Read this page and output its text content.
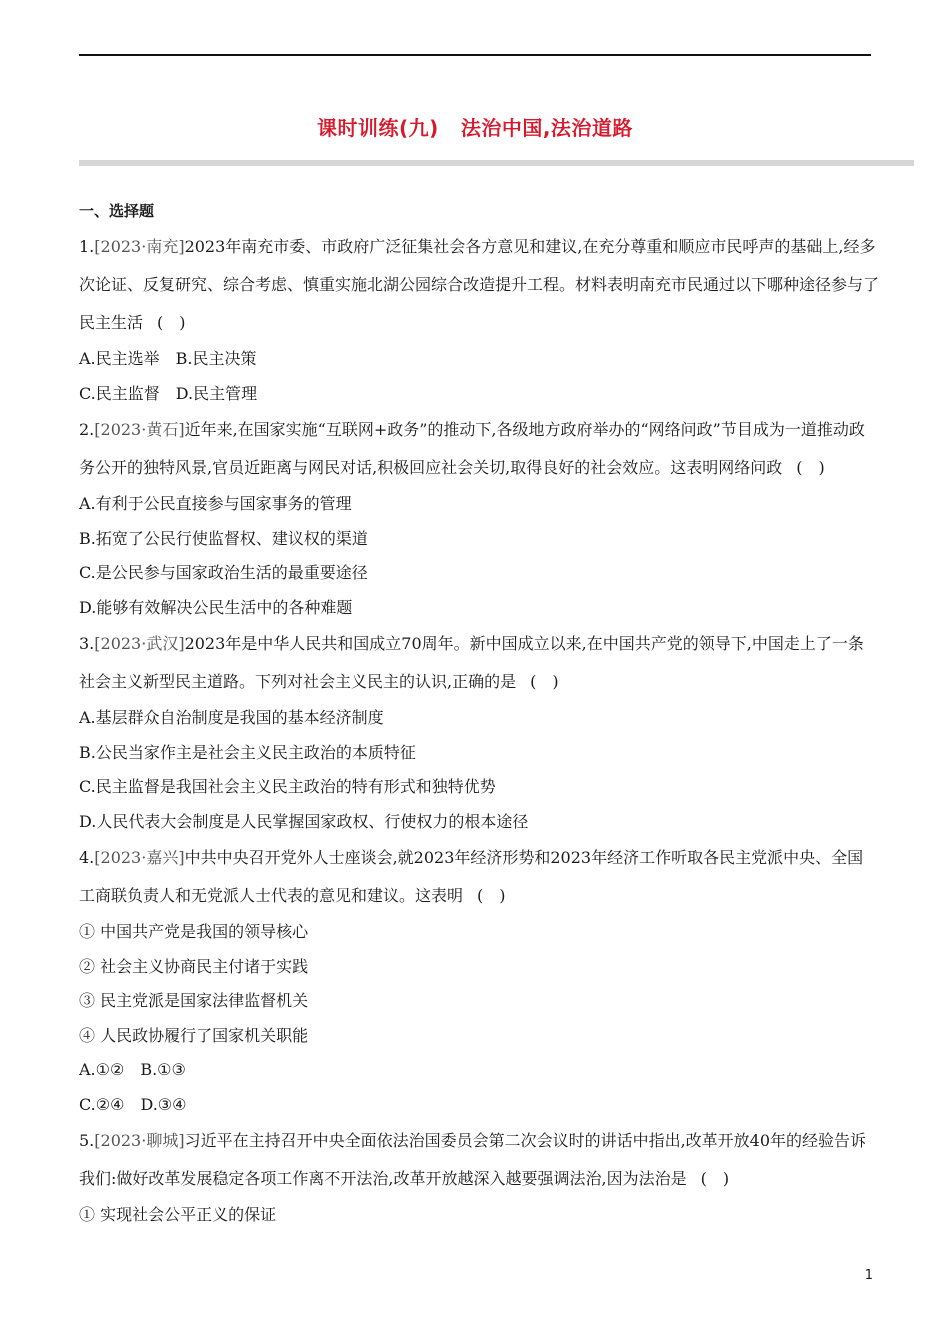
课时训练(九) 法治中国,法治道路
一、选择题
1.[2023·南充]2023年南充市委、市政府广泛征集社会各方意见和建议,在充分尊重和顺应市民呼声的基础上,经多次论证、反复研究、综合考虑、慎重实施北湖公园综合改造提升工程。材料表明南充市民通过以下哪种途径参与了民主生活 (　)
A.民主选举　B.民主决策
C.民主监督　D.民主管理
2.[2023·黄石]近年来,在国家实施“互联网+政务”的推动下,各级地方政府举办的“网络问政”节目成为一道推动政务公开的独特风景,官员近距离与网民对话,积极回应社会关切,取得良好的社会效应。这表明网络问政 (　)
A.有利于公民直接参与国家事务的管理
B.拓宽了公民行使监督权、建议权的渠道
C.是公民参与国家政治生活的最重要途径
D.能够有效解决公民生活中的各种难题
3.[2023·武汉]2023年是中华人民共和国成立70周年。新中国成立以来,在中国共产党的领导下,中国走上了一条社会主义新型民主道路。下列对社会主义民主的认识,正确的是 (　)
A.基层群众自治制度是我国的基本经济制度
B.公民当家作主是社会主义民主政治的本质特征
C.民主监督是我国社会主义民主政治的特有形式和独特优势
D.人民代表大会制度是人民掌握国家政权、行使权力的根本途径
4.[2023·嘉兴]中共中央召开党外人士座谈会,就2023年经济形势和2023年经济工作听取各民主党派中央、全国工商联负责人和无党派人士代表的意见和建议。这表明 (　)
① 中国共产党是我国的领导核心
② 社会主义协商民主付诸于实践
③ 民主党派是国家法律监督机关
④ 人民政协履行了国家机关职能
A.①②　B.①③
C.②④　D.③④
5.[2023·聊城]习近平在主持召开中央全面依法治国委员会第二次会议时的讲话中指出,改革开放40年的经验告诉我们:做好改革发展稳定各项工作离不开法治,改革开放越深入越要强调法治,因为法治是 (　)
① 实现社会公平正义的保证
1
